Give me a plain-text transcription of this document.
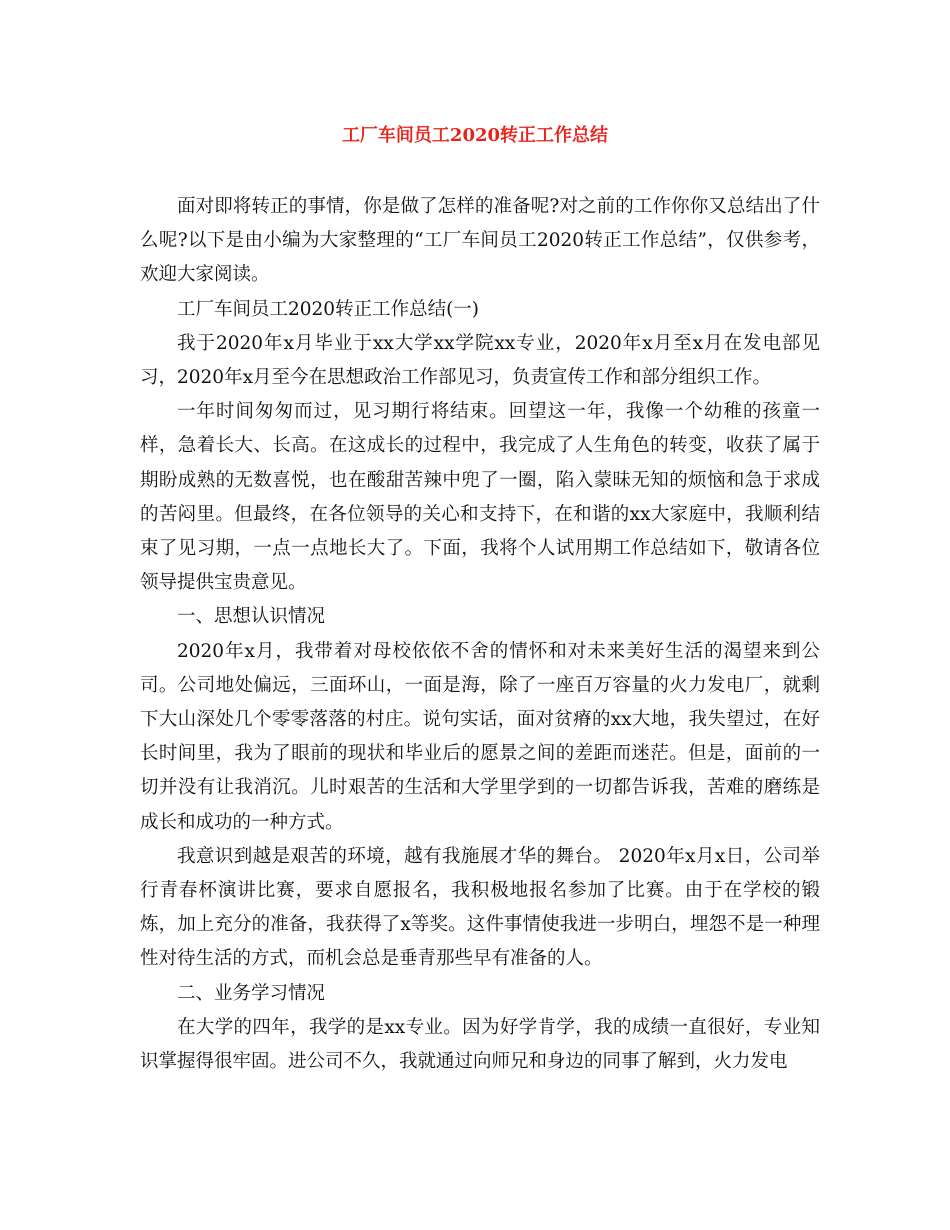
工厂车间员工2020转正工作总结

面对即将转正的事情，你是做了怎样的准备呢?对之前的工作你你又总结出了什么呢?以下是由小编为大家整理的“工厂车间员工2020转正工作总结”，仅供参考，欢迎大家阅读。

工厂车间员工2020转正工作总结(一)

我于2020年x月毕业于xx大学xx学院xx专业，2020年x月至x月在发电部见习，2020年x月至今在思想政治工作部见习，负责宣传工作和部分组织工作。

一年时间匆匆而过，见习期行将结束。回望这一年，我像一个幼稚的孩童一样，急着长大、长高。在这成长的过程中，我完成了人生角色的转变，收获了属于期盼成熟的无数喜悦，也在酸甜苦辣中兜了一圈，陷入蒙昧无知的烦恼和急于求成的苦闷里。但最终，在各位领导的关心和支持下，在和谐的xx大家庭中，我顺利结束了见习期，一点一点地长大了。下面，我将个人试用期工作总结如下，敬请各位领导提供宝贵意见。

一、思想认识情况

2020年x月，我带着对母校依依不舍的情怀和对未来美好生活的渴望来到公司。公司地处偏远，三面环山，一面是海，除了一座百万容量的火力发电厂，就剩下大山深处几个零零落落的村庄。说句实话，面对贫瘠的xx大地，我失望过，在好长时间里，我为了眼前的现状和毕业后的愿景之间的差距而迷茫。但是，面前的一切并没有让我消沉。儿时艰苦的生活和大学里学到的一切都告诉我，苦难的磨练是成长和成功的一种方式。

我意识到越是艰苦的环境，越有我施展才华的舞台。 2020年x月x日，公司举行青春杯演讲比赛，要求自愿报名，我积极地报名参加了比赛。由于在学校的锻炼，加上充分的准备，我获得了x等奖。这件事情使我进一步明白，埋怨不是一种理性对待生活的方式，而机会总是垂青那些早有准备的人。

二、业务学习情况

在大学的四年，我学的是xx专业。因为好学肯学，我的成绩一直很好，专业知识掌握得很牢固。进公司不久，我就通过向师兄和身边的同事了解到，火力发电
